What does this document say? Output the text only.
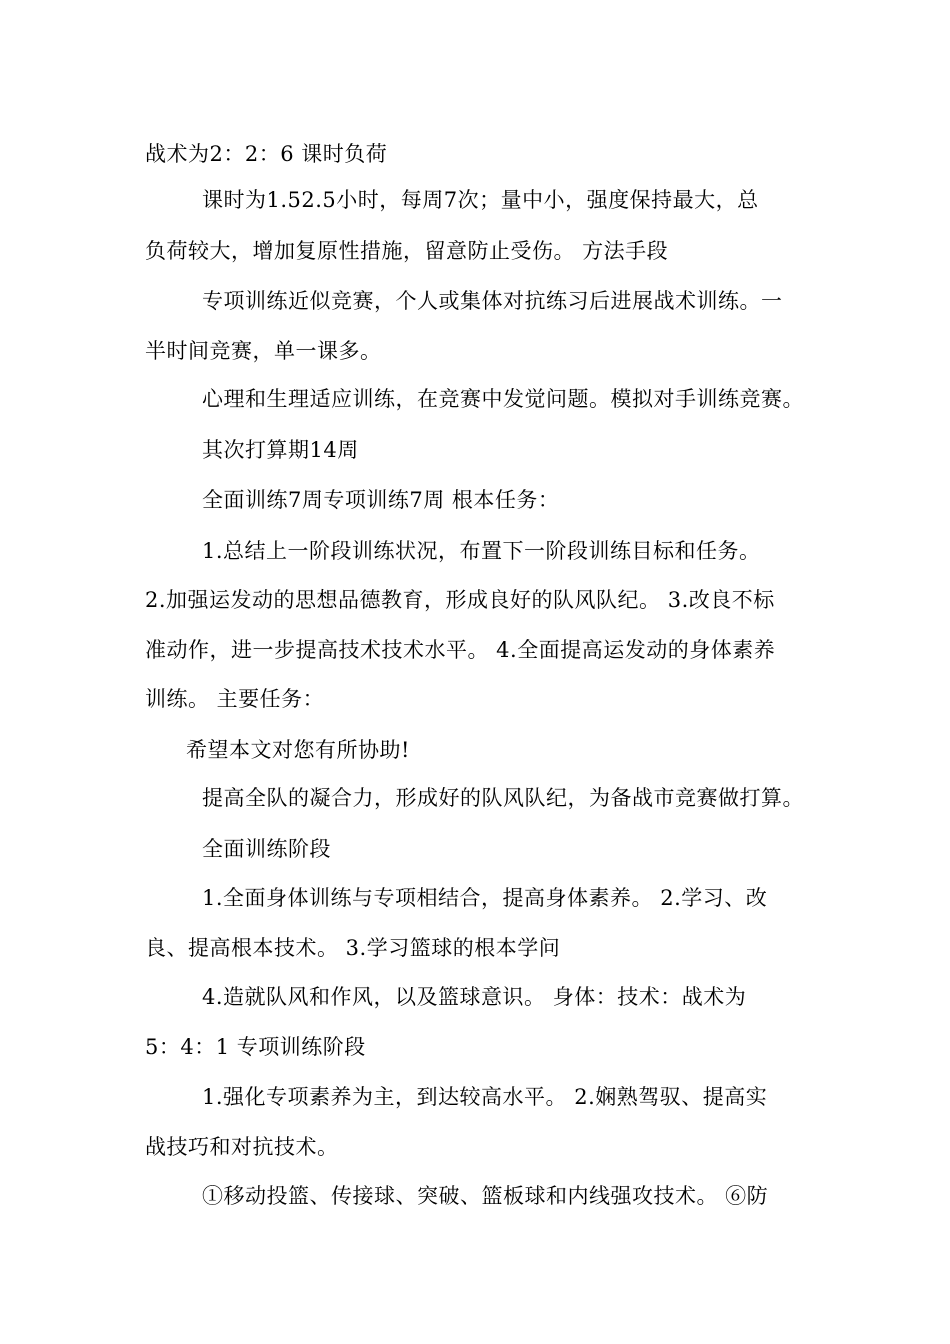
战术为2：2：6 课时负荷
课时为1.52.5小时，每周7次；量中小，强度保持最大，总
负荷较大，增加复原性措施，留意防止受伤。 方法手段
专项训练近似竞赛，个人或集体对抗练习后进展战术训练。一
半时间竞赛，单一课多。
心理和生理适应训练，在竞赛中发觉问题。模拟对手训练竞赛。
其次打算期14周
全面训练7周专项训练7周 根本任务：
1.总结上一阶段训练状况，布置下一阶段训练目标和任务。
2.加强运发动的思想品德教育，形成良好的队风队纪。 3.改良不标
准动作，进一步提高技术技术水平。 4.全面提高运发动的身体素养
训练。 主要任务：
希望本文对您有所协助!
提高全队的凝合力，形成好的队风队纪，为备战市竞赛做打算。
全面训练阶段
1.全面身体训练与专项相结合，提高身体素养。 2.学习、改
良、提高根本技术。 3.学习篮球的根本学问
4.造就队风和作风，以及篮球意识。 身体：技术：战术为
5：4：1 专项训练阶段
1.强化专项素养为主，到达较高水平。 2.娴熟驾驭、提高实
战技巧和对抗技术。
①移动投篮、传接球、突破、篮板球和内线强攻技术。 ⑥防
